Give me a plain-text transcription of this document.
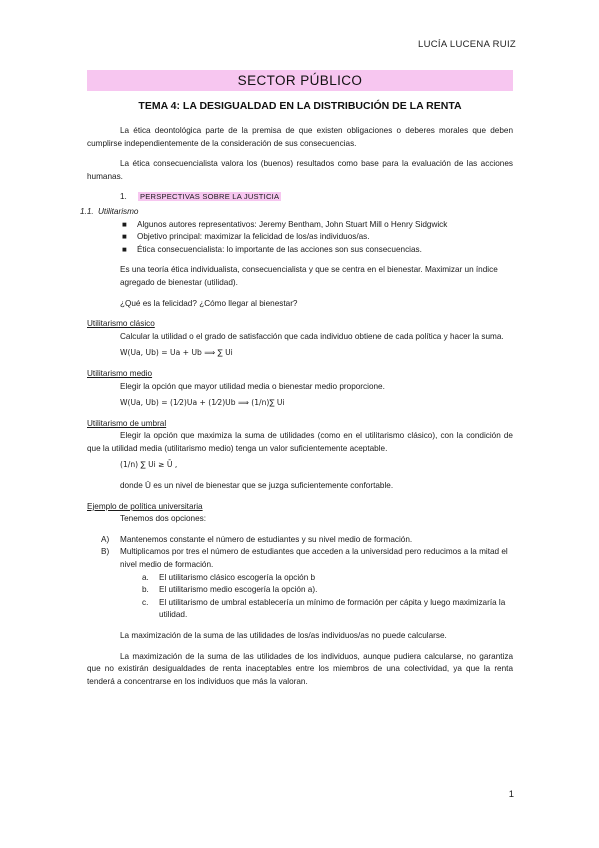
LUCÍA LUCENA RUIZ
SECTOR PÚBLICO
TEMA 4: LA DESIGUALDAD EN LA DISTRIBUCIÓN DE LA RENTA

La ética deontológica parte de la premisa de que existen obligaciones o deberes morales que deben cumplirse independientemente de la consideración de sus consecuencias.

La ética consecuencialista valora los (buenos) resultados como base para la evaluación de las acciones humanas.

1. PERSPECTIVAS SOBRE LA JUSTICIA
1.1. Utilitarismo
■ Algunos autores representativos: Jeremy Bentham, John Stuart Mill o Henry Sidgwick
■ Objetivo principal: maximizar la felicidad de los/as individuos/as.
■ Ética consecuencialista: lo importante de las acciones son sus consecuencias.

Es una teoría ética individualista, consecuencialista y que se centra en el bienestar. Maximizar un índice agregado de bienestar (utilidad).

¿Qué es la felicidad? ¿Cómo llegar al bienestar?

Utilitarismo clásico

Calcular la utilidad o el grado de satisfacción que cada individuo obtiene de cada política y hacer la suma.

W(Ua, Ub) = Ua + Ub ⟹ ∑ Ui

Utilitarismo medio

Elegir la opción que mayor utilidad media o bienestar medio proporcione.

W(Ua, Ub) = (1⁄2)Ua + (1⁄2)Ub ⟹ (1/n)∑ Ui

Utilitarismo de umbral

Elegir la opción que maximiza la suma de utilidades (como en el utilitarismo clásico), con la condición de que la utilidad media (utilitarismo medio) tenga un valor suficientemente aceptable.

(1/n) ∑ Ui ≥ Ū ,

donde Ū es un nivel de bienestar que se juzga suficientemente confortable.

Ejemplo de política universitaria

Tenemos dos opciones:

A) Mantenemos constante el número de estudiantes y su nivel medio de formación.
B) Multiplicamos por tres el número de estudiantes que acceden a la universidad pero reducimos a la mitad el nivel medio de formación.
a. El utilitarismo clásico escogería la opción b
b. El utilitarismo medio escogería la opción a).
c. El utilitarismo de umbral establecería un mínimo de formación per cápita y luego maximizaría la utilidad.

La maximización de la suma de las utilidades de los/as individuos/as no puede calcularse.

La maximización de la suma de las utilidades de los individuos, aunque pudiera calcularse, no garantiza que no existirán desigualdades de renta inaceptables entre los miembros de una colectividad, ya que la renta tenderá a concentrarse en los individuos que más la valoran.

1
